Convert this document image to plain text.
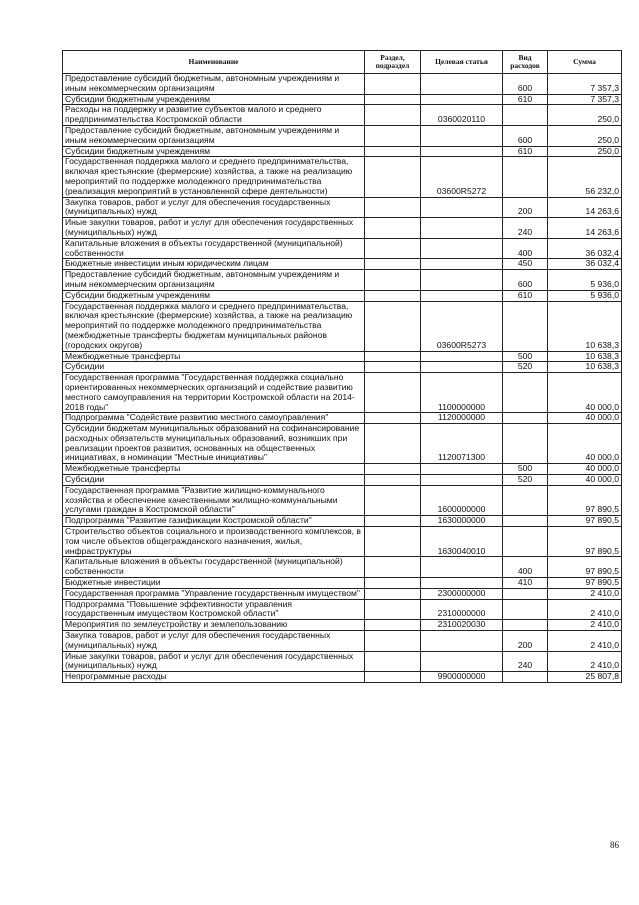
Наименование	Раздел, подраздел	Целевая статья	Вид расходов	Сумма
Предоставление субсидий бюджетным, автономным учреждениям и иным некоммерческим организациям			600	7 357,3
Субсидии бюджетным учреждениям			610	7 357,3
Расходы на поддержку и развитие субъектов малого и среднего предпринимательства Костромской области		0360020110		250,0
Предоставление субсидий бюджетным, автономным учреждениям и иным некоммерческим организациям			600	250,0
Субсидии бюджетным учреждениям			610	250,0
Государственная поддержка малого и среднего предпринимательства, включая крестьянские (фермерские) хозяйства, а также на реализацию мероприятий по поддержке молодежного предпринимательства (реализация мероприятий в установленной сфере деятельности)		03600R5272		56 232,0
Закупка товаров, работ и услуг для обеспечения государственных (муниципальных) нужд			200	14 263,6
Иные закупки товаров, работ и услуг для обеспечения государственных (муниципальных) нужд			240	14 263,6
Капитальные вложения в объекты государственной (муниципальной) собственности			400	36 032,4
Бюджетные инвестиции иным юридическим лицам			450	36 032,4
Предоставление субсидий бюджетным, автономным учреждениям и иным некоммерческим организациям			600	5 936,0
Субсидии бюджетным учреждениям			610	5 936,0
Государственная поддержка малого и среднего предпринимательства, включая крестьянские (фермерские) хозяйства, а также на реализацию мероприятий по поддержке молодежного предпринимательства (межбюджетные трансферты бюджетам муниципальных районов (городских округов)		03600R5273		10 638,3
Межбюджетные трансферты			500	10 638,3
Субсидии			520	10 638,3
Государственная программа "Государственная поддержка социально ориентированных некоммерческих организаций и содействие развитию местного самоуправления на территории Костромской области на 2014-2018 годы"		1100000000		40 000,0
Подпрограмма "Содействие развитию местного самоуправления"		1120000000		40 000,0
Субсидии бюджетам муниципальных образований на софинансирование расходных обязательств муниципальных образований, возникших при реализации проектов развития, основанных на общественных инициативах, в номинации "Местные инициативы"		1120071300		40 000,0
Межбюджетные трансферты			500	40 000,0
Субсидии			520	40 000,0
Государственная программа "Развитие жилищно-коммунального хозяйства и обеспечение качественными жилищно-коммунальными услугами граждан в Костромской области"		1600000000		97 890,5
Подпрограмма "Развитие газификации Костромской области"		1630000000		97 890,5
Строительство объектов социального и производственного комплексов, в том числе объектов общегражданского назначения, жилья, инфраструктуры		1630040010		97 890,5
Капитальные вложения в объекты государственной (муниципальной) собственности			400	97 890,5
Бюджетные инвестиции			410	97 890,5
Государственная программа "Управление государственным имуществом"		2300000000		2 410,0
Подпрограмма "Повышение эффективности управления государственным имуществом Костромской области"		2310000000		2 410,0
Мероприятия по землеустройству и землепользованию		2310020030		2 410,0
Закупка товаров, работ и услуг для обеспечения государственных (муниципальных) нужд			200	2 410,0
Иные закупки товаров, работ и услуг для обеспечения государственных (муниципальных) нужд			240	2 410,0
Непрограммные расходы		9900000000		25 807,8
86
